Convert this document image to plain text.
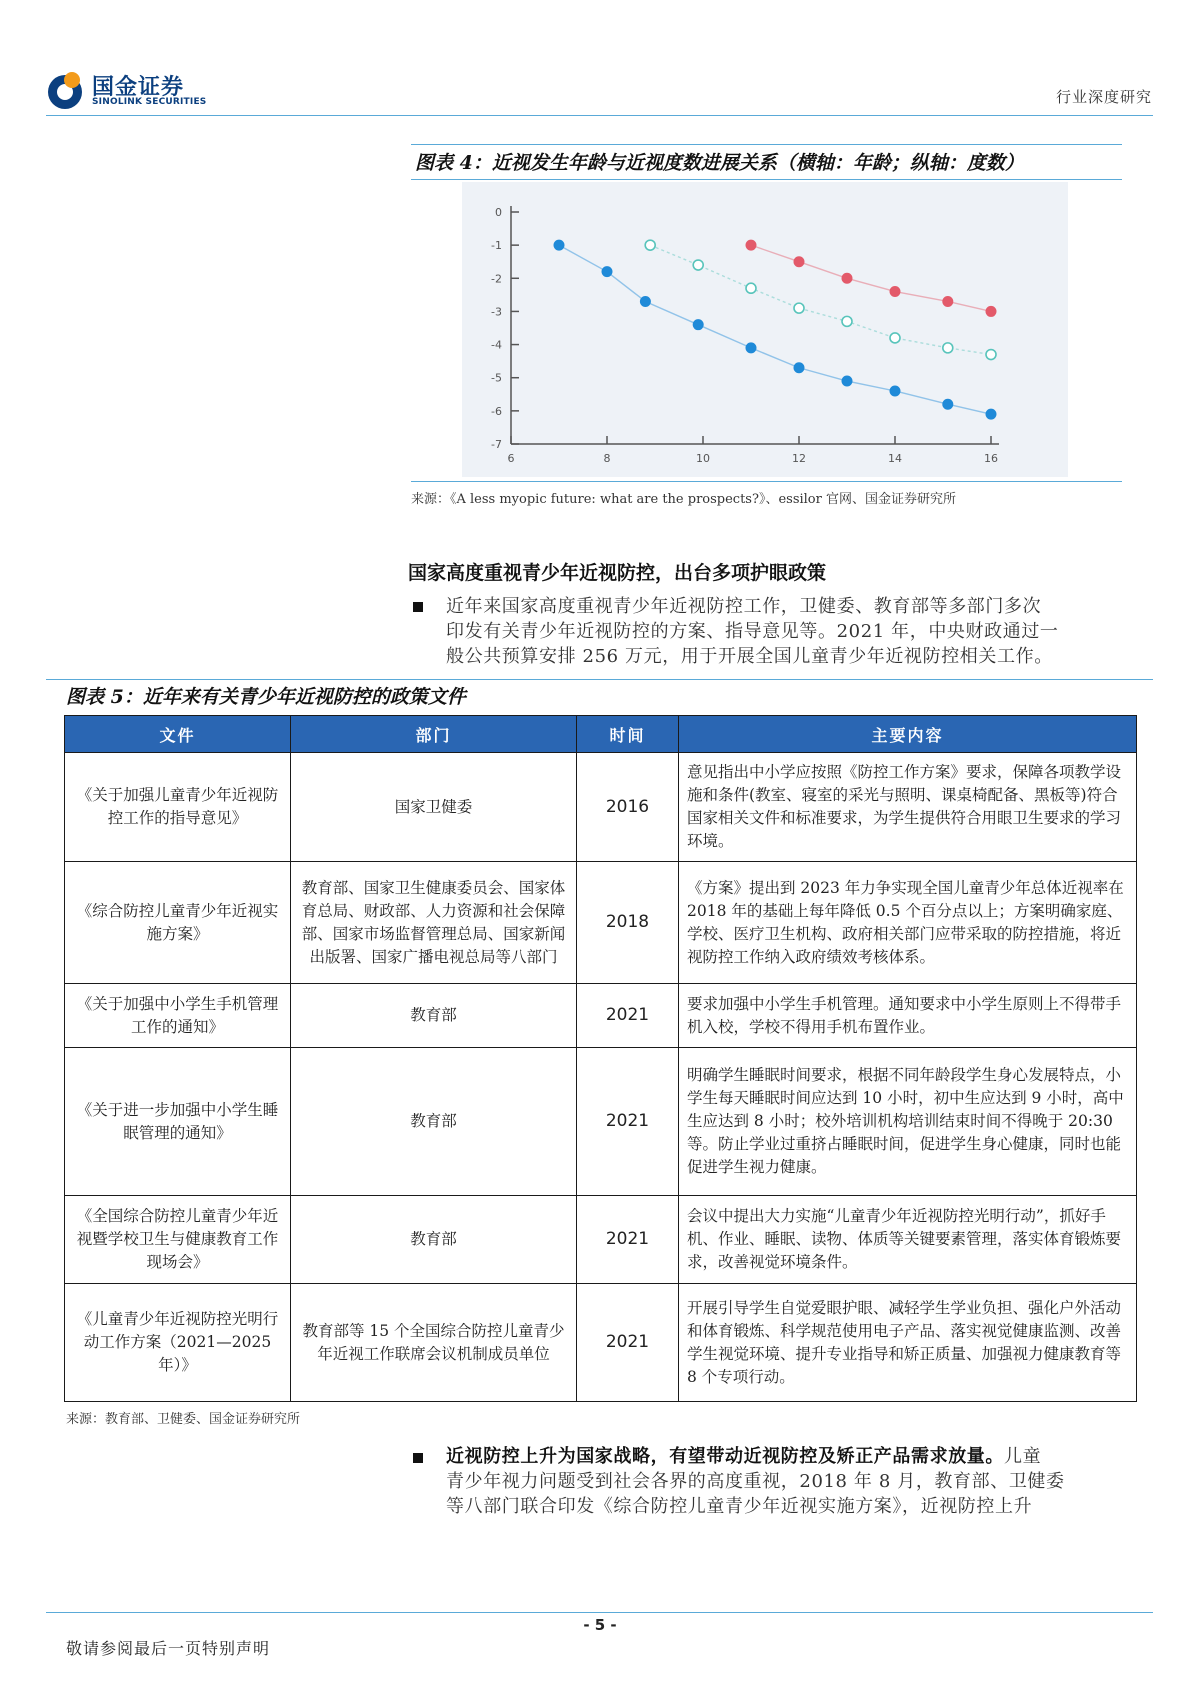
国金证券
SINOLINK SECURITIES	行业深度研究
图表 4：近视发生年龄与近视度数进展关系（横轴：年龄；纵轴：度数）
0
-1
-2
-3
-4
-5
-6
-7
6	8	10	12	14	16
来源：《A less myopic future: what are the prospects?》、essilor 官网、国金证券研究所
国家高度重视青少年近视防控，出台多项护眼政策
近年来国家高度重视青少年近视防控工作，卫健委、教育部等多部门多次
印发有关青少年近视防控的方案、指导意见等。2021 年，中央财政通过一
般公共预算安排 256 万元，用于开展全国儿童青少年近视防控相关工作。
图表 5：近年来有关青少年近视防控的政策文件
文件	部门	时间	主要内容
《关于加强儿童青少年近视防控工作的指导意见》	国家卫健委	2016	意见指出中小学应按照《防控工作方案》要求，保障各项教学设施和条件(教室、寝室的采光与照明、课桌椅配备、黑板等)符合国家相关文件和标准要求，为学生提供符合用眼卫生要求的学习环境。
《综合防控儿童青少年近视实施方案》	教育部、国家卫生健康委员会、国家体育总局、财政部、人力资源和社会保障部、国家市场监督管理总局、国家新闻出版署、国家广播电视总局等八部门	2018	《方案》提出到 2023 年力争实现全国儿童青少年总体近视率在 2018 年的基础上每年降低 0.5 个百分点以上；方案明确家庭、学校、医疗卫生机构、政府相关部门应带采取的防控措施，将近视防控工作纳入政府绩效考核体系。
《关于加强中小学生手机管理工作的通知》	教育部	2021	要求加强中小学生手机管理。通知要求中小学生原则上不得带手机入校，学校不得用手机布置作业。
《关于进一步加强中小学生睡眠管理的通知》	教育部	2021	明确学生睡眠时间要求，根据不同年龄段学生身心发展特点，小学生每天睡眠时间应达到 10 小时，初中生应达到 9 小时，高中生应达到 8 小时；校外培训机构培训结束时间不得晚于 20:30 等。防止学业过重挤占睡眠时间，促进学生身心健康，同时也能促进学生视力健康。
《全国综合防控儿童青少年近视暨学校卫生与健康教育工作现场会》	教育部	2021	会议中提出大力实施“儿童青少年近视防控光明行动”，抓好手机、作业、睡眠、读物、体质等关键要素管理，落实体育锻炼要求，改善视觉环境条件。
《儿童青少年近视防控光明行动工作方案（2021—2025 年）》	教育部等 15 个全国综合防控儿童青少年近视工作联席会议机制成员单位	2021	开展引导学生自觉爱眼护眼、减轻学生学业负担、强化户外活动和体育锻炼、科学规范使用电子产品、落实视觉健康监测、改善学生视觉环境、提升专业指导和矫正质量、加强视力健康教育等 8 个专项行动。
来源：教育部、卫健委、国金证券研究所
近视防控上升为国家战略，有望带动近视防控及矫正产品需求放量。儿童
青少年视力问题受到社会各界的高度重视，2018 年 8 月，教育部、卫健委
等八部门联合印发《综合防控儿童青少年近视实施方案》，近视防控上升
- 5 -
敬请参阅最后一页特别声明
